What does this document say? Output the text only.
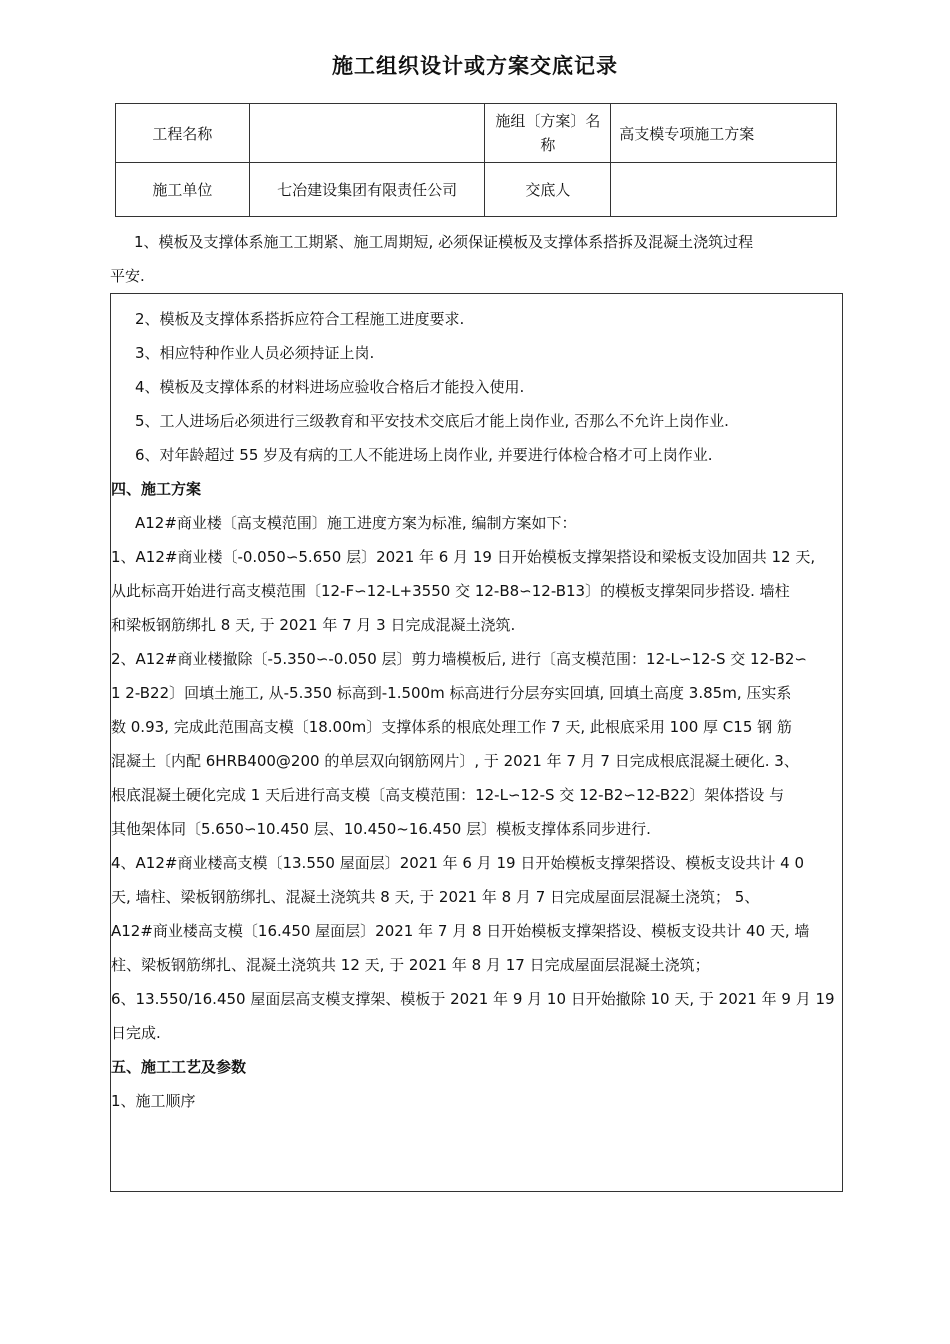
施工组织设计或方案交底记录
工程名称		施组〔方案〕名称	高支模专项施工方案
施工单位	七冶建设集团有限责任公司	交底人	

1、模板及支撑体系施工工期紧、施工周期短, 必须保证模板及支撑体系搭拆及混凝土浇筑过程

平安.

2、模板及支撑体系搭拆应符合工程施工进度要求.

3、相应特种作业人员必须持证上岗.

4、模板及支撑体系的材料进场应验收合格后才能投入使用.

5、工人进场后必须进行三级教育和平安技术交底后才能上岗作业, 否那么不允许上岗作业.

6、对年龄超过 55 岁及有病的工人不能进场上岗作业, 并要进行体检合格才可上岗作业.

四、施工方案

A12#商业楼〔高支模范围〕施工进度方案为标准, 编制方案如下：

1、A12#商业楼〔-0.050∽5.650 层〕2021 年 6 月 19 日开始模板支撑架搭设和梁板支设加固共 12 天,

从此标高开始进行高支模范围〔12-F∽12-L+3550 交 12-B8∽12-B13〕的模板支撑架同步搭设. 墙柱

和梁板钢筋绑扎 8 天, 于 2021 年 7 月 3 日完成混凝土浇筑.

2、A12#商业楼撤除〔-5.350∽-0.050 层〕剪力墙模板后, 进行〔高支模范围：12-L∽12-S 交 12-B2∽

1 2-B22〕回填土施工, 从-5.350 标高到-1.500m 标高进行分层夯实回填, 回填土高度 3.85m, 压实系

数 0.93, 完成此范围高支模〔18.00m〕支撑体系的根底处理工作 7 天, 此根底采用 100 厚 C15 钢 筋

混凝土〔内配 6HRB400@200 的单层双向钢筋网片〕, 于 2021 年 7 月 7 日完成根底混凝土硬化. 3、

根底混凝土硬化完成 1 天后进行高支模〔高支模范围：12-L∽12-S 交 12-B2∽12-B22〕架体搭设 与

其他架体同〔5.650∽10.450 层、10.450~16.450 层〕模板支撑体系同步进行.

4、A12#商业楼高支模〔13.550 屋面层〕2021 年 6 月 19 日开始模板支撑架搭设、模板支设共计 4 0

天, 墙柱、梁板钢筋绑扎、混凝土浇筑共 8 天, 于 2021 年 8 月 7 日完成屋面层混凝土浇筑； 5、

A12#商业楼高支模〔16.450 屋面层〕2021 年 7 月 8 日开始模板支撑架搭设、模板支设共计 40 天, 墙

柱、梁板钢筋绑扎、混凝土浇筑共 12 天, 于 2021 年 8 月 17 日完成屋面层混凝土浇筑；

6、13.550/16.450 屋面层高支模支撑架、模板于 2021 年 9 月 10 日开始撤除 10 天, 于 2021 年 9 月 19

日完成.

五、施工工艺及参数

1、施工顺序
